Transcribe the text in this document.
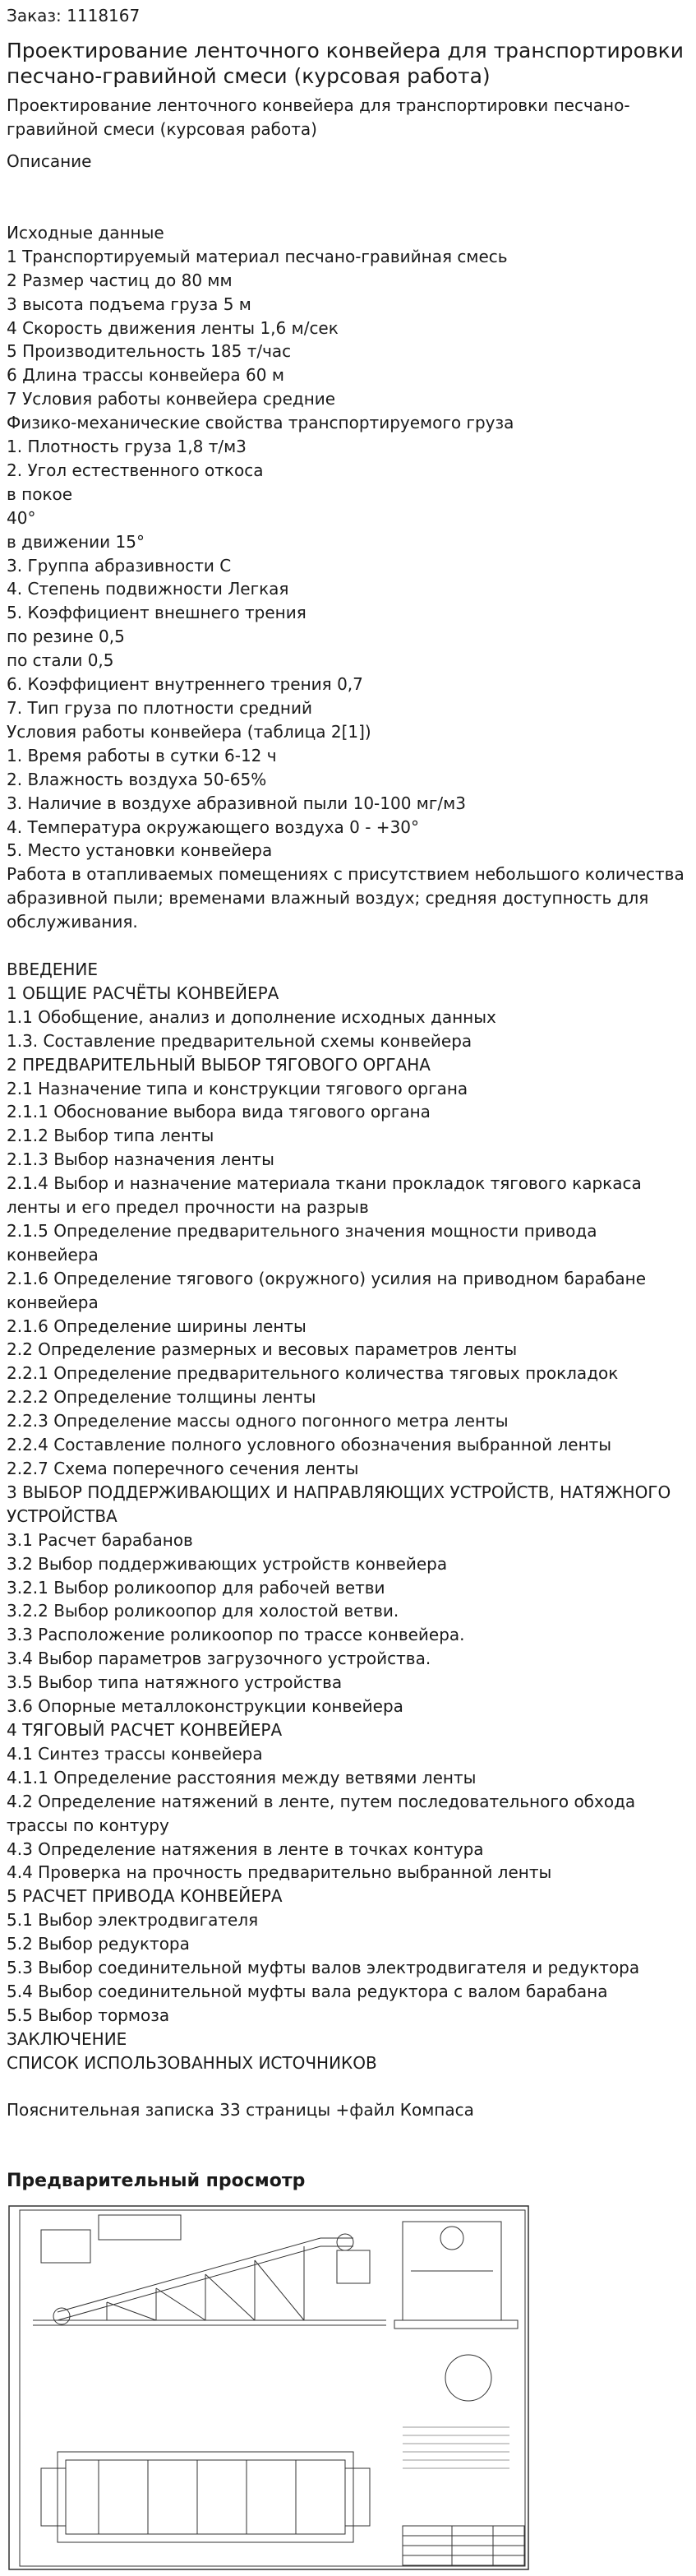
Заказ: 1118167
Проектирование ленточного конвейера для транспортировки песчано-гравийной смеси (курсовая работа)
Проектирование ленточного конвейера для транспортировки песчано-гравийной смеси (курсовая работа)
Описание
Исходные данные
1 Транспортируемый материал песчано-гравийная смесь
2 Размер частиц до 80 мм
3 высота подъема груза 5 м
4 Скорость движения ленты 1,6 м/сек
5 Производительность 185 т/час
6 Длина трассы конвейера 60 м
7 Условия работы конвейера средние
Физико-механические свойства транспортируемого груза
1. Плотность груза 1,8 т/м3
2. Угол естественного откоса
в покое
40°
в движении 15°
3. Группа абразивности С
4. Степень подвижности Легкая
5. Коэффициент внешнего трения
по резине 0,5
по стали 0,5
6. Коэффициент внутреннего трения 0,7
7. Тип груза по плотности средний
Условия работы конвейера (таблица 2[1])
1. Время работы в сутки 6-12 ч
2. Влажность воздуха 50-65%
3. Наличие в воздухе абразивной пыли 10-100 мг/м3
4. Температура окружающего воздуха 0 - +30°
5. Место установки конвейера
Работа в отапливаемых помещениях с присутствием небольшого количества абразивной пыли; временами влажный воздух; средняя доступность для обслуживания.
ВВЕДЕНИЕ
1 ОБЩИЕ РАСЧЁТЫ КОНВЕЙЕРА
1.1 Обобщение, анализ и дополнение исходных данных
1.3. Составление предварительной схемы конвейера
2 ПРЕДВАРИТЕЛЬНЫЙ ВЫБОР ТЯГОВОГО ОРГАНА
2.1 Назначение типа и конструкции тягового органа
2.1.1 Обоснование выбора вида тягового органа
2.1.2 Выбор типа ленты
2.1.3 Выбор назначения ленты
2.1.4 Выбор и назначение материала ткани прокладок тягового каркаса ленты и его предел прочности на разрыв
2.1.5 Определение предварительного значения мощности привода конвейера
2.1.6 Определение тягового (окружного) усилия на приводном барабане конвейера
2.1.6 Определение ширины ленты
2.2 Определение размерных и весовых параметров ленты
2.2.1 Определение предварительного количества тяговых прокладок
2.2.2 Определение толщины ленты
2.2.3 Определение массы одного погонного метра ленты
2.2.4 Составление полного условного обозначения выбранной ленты
2.2.7 Схема поперечного сечения ленты
3 ВЫБОР ПОДДЕРЖИВАЮЩИХ И НАПРАВЛЯЮЩИХ УСТРОЙСТВ, НАТЯЖНОГО УСТРОЙСТВА
3.1 Расчет барабанов
3.2 Выбор поддерживающих устройств конвейера
3.2.1 Выбор роликоопор для рабочей ветви
3.2.2 Выбор роликоопор для холостой ветви.
3.3 Расположение роликоопор по трассе конвейера.
3.4 Выбор параметров загрузочного устройства.
3.5 Выбор типа натяжного устройства
3.6 Опорные металлоконструкции конвейера
4 ТЯГОВЫЙ РАСЧЕТ КОНВЕЙЕРА
4.1 Синтез трассы конвейера
4.1.1 Определение расстояния между ветвями ленты
4.2 Определение натяжений в ленте, путем последовательного обхода трассы по контуру
4.3 Определение натяжения в ленте в точках контура
4.4 Проверка на прочность предварительно выбранной ленты
5 РАСЧЕТ ПРИВОДА КОНВЕЙЕРА
5.1 Выбор электродвигателя
5.2 Выбор редуктора
5.3 Выбор соединительной муфты валов электродвигателя и редуктора
5.4 Выбор соединительной муфты вала редуктора с валом барабана
5.5 Выбор тормоза
ЗАКЛЮЧЕНИЕ
СПИСОК ИСПОЛЬЗОВАННЫХ ИСТОЧНИКОВ
Пояснительная записка 33 страницы +файл Компаса
Предварительный просмотр
